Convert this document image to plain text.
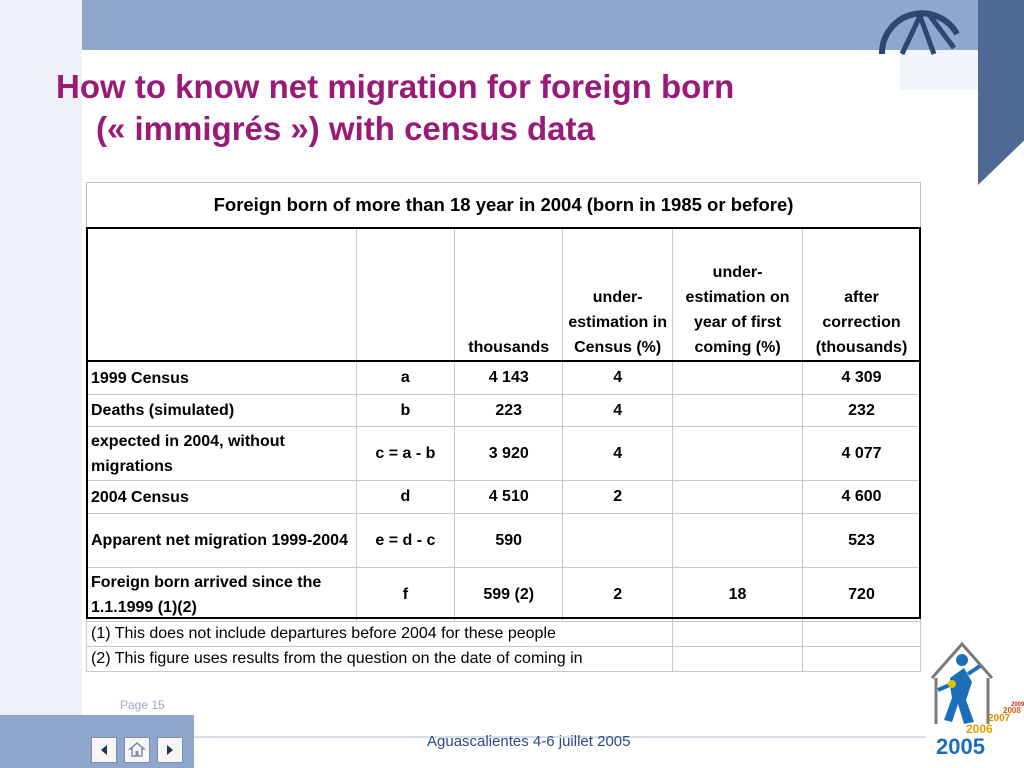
How to know net migration for foreign born
(« immigrés ») with census data
Foreign born of more than 18 year in 2004 (born in 1985 or before)					
		thousands	under-estimation in Census (%)	under-estimation on year of first coming (%)	after correction (thousands)
1999 Census	a	4 143	4		4 309
Deaths (simulated)	b	223	4		232
expected in 2004, without migrations	c = a - b	3 920	4		4 077
2004 Census	d	4 510	2		4 600
Apparent net migration 1999-2004	e = d - c	590			523
Foreign born arrived since the 1.1.1999 (1)(2)	f	599 (2)	2	18	720
(1) This does not include departures before 2004 for these people					
(2) This figure uses results from the question on the date of coming in					
Page 15
Aguascalientes 4-6 juillet 2005	2005
2006
2007
2008
2009
